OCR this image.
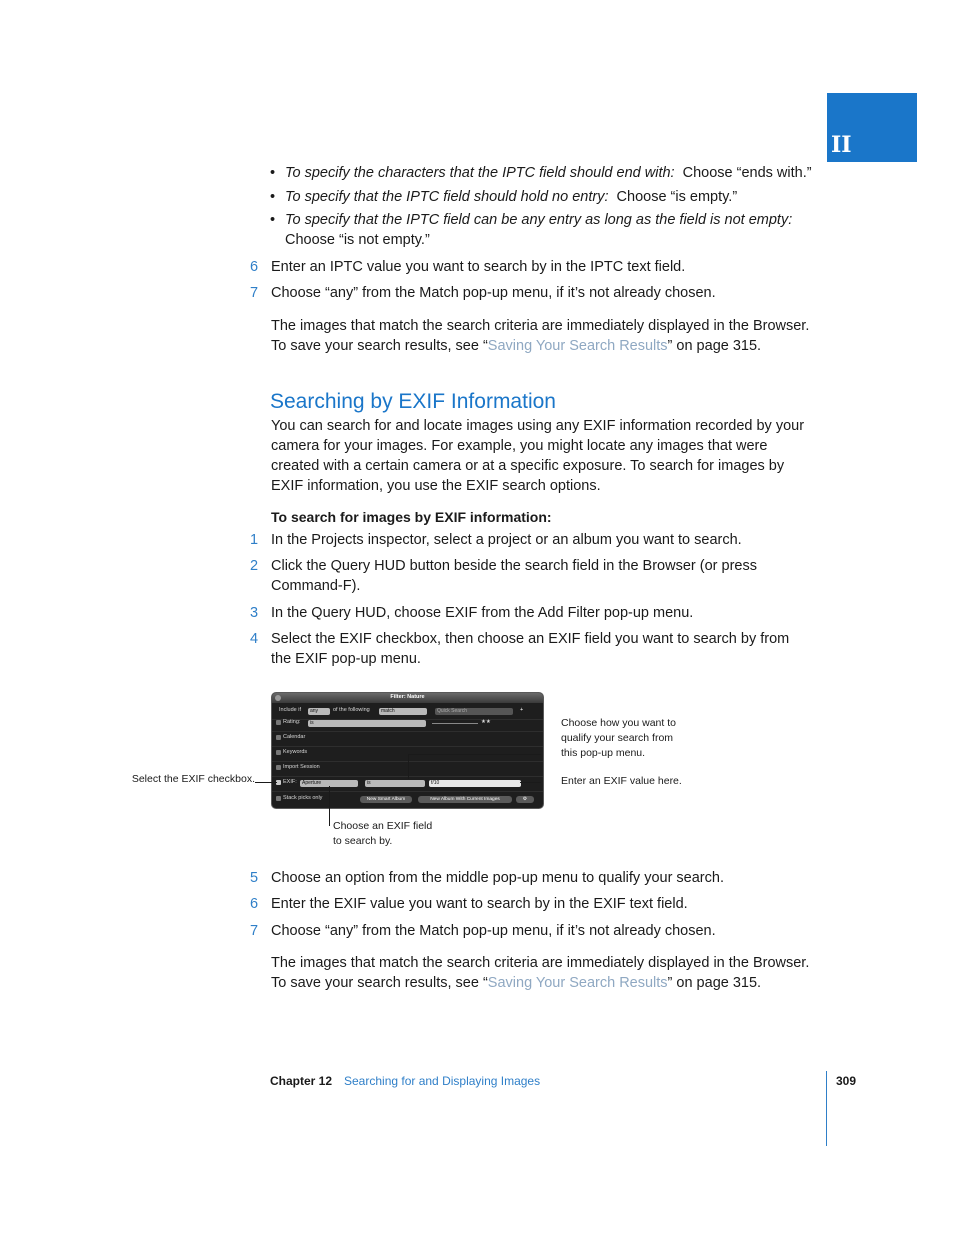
II
• To specify the characters that the IPTC field should end with: Choose “ends with.”
• To specify that the IPTC field should hold no entry: Choose “is empty.”
• To specify that the IPTC field can be any entry as long as the field is not empty:  Choose “is not empty.”
6 Enter an IPTC value you want to search by in the IPTC text field.
7 Choose “any” from the Match pop-up menu, if it’s not already chosen.
The images that match the search criteria are immediately displayed in the Browser. To save your search results, see “Saving Your Search Results” on page 315.
Searching by EXIF Information
You can search for and locate images using any EXIF information recorded by your camera for your images. For example, you might locate any images that were created with a certain camera or at a specific exposure. To search for images by EXIF information, you use the EXIF search options.
To search for images by EXIF information:
1 In the Projects inspector, select a project or an album you want to search.
2 Click the Query HUD button beside the search field in the Browser (or press Command-F).
3 In the Query HUD, choose EXIF from the Add Filter pop-up menu.
4 Select the EXIF checkbox, then choose an EXIF field you want to search by from the EXIF pop-up menu.
Filter: Nature
Include if	any	of the following	match	Quick Search	+
Rating:	is	★★
Calendar
Keywords
Import Session
EXIF:	Aperture	is	f/10
Stack picks only	New Smart Album	New Album With Current Images	⚙
Select the EXIF checkbox.
Choose how you want to qualify your search from this pop-up menu.
Enter an EXIF value here.
Choose an EXIF field to search by.
5 Choose an option from the middle pop-up menu to qualify your search.
6 Enter the EXIF value you want to search by in the EXIF text field.
7 Choose “any” from the Match pop-up menu, if it’s not already chosen.
The images that match the search criteria are immediately displayed in the Browser. To save your search results, see “Saving Your Search Results” on page 315.
Chapter 12 Searching for and Displaying Images	309
